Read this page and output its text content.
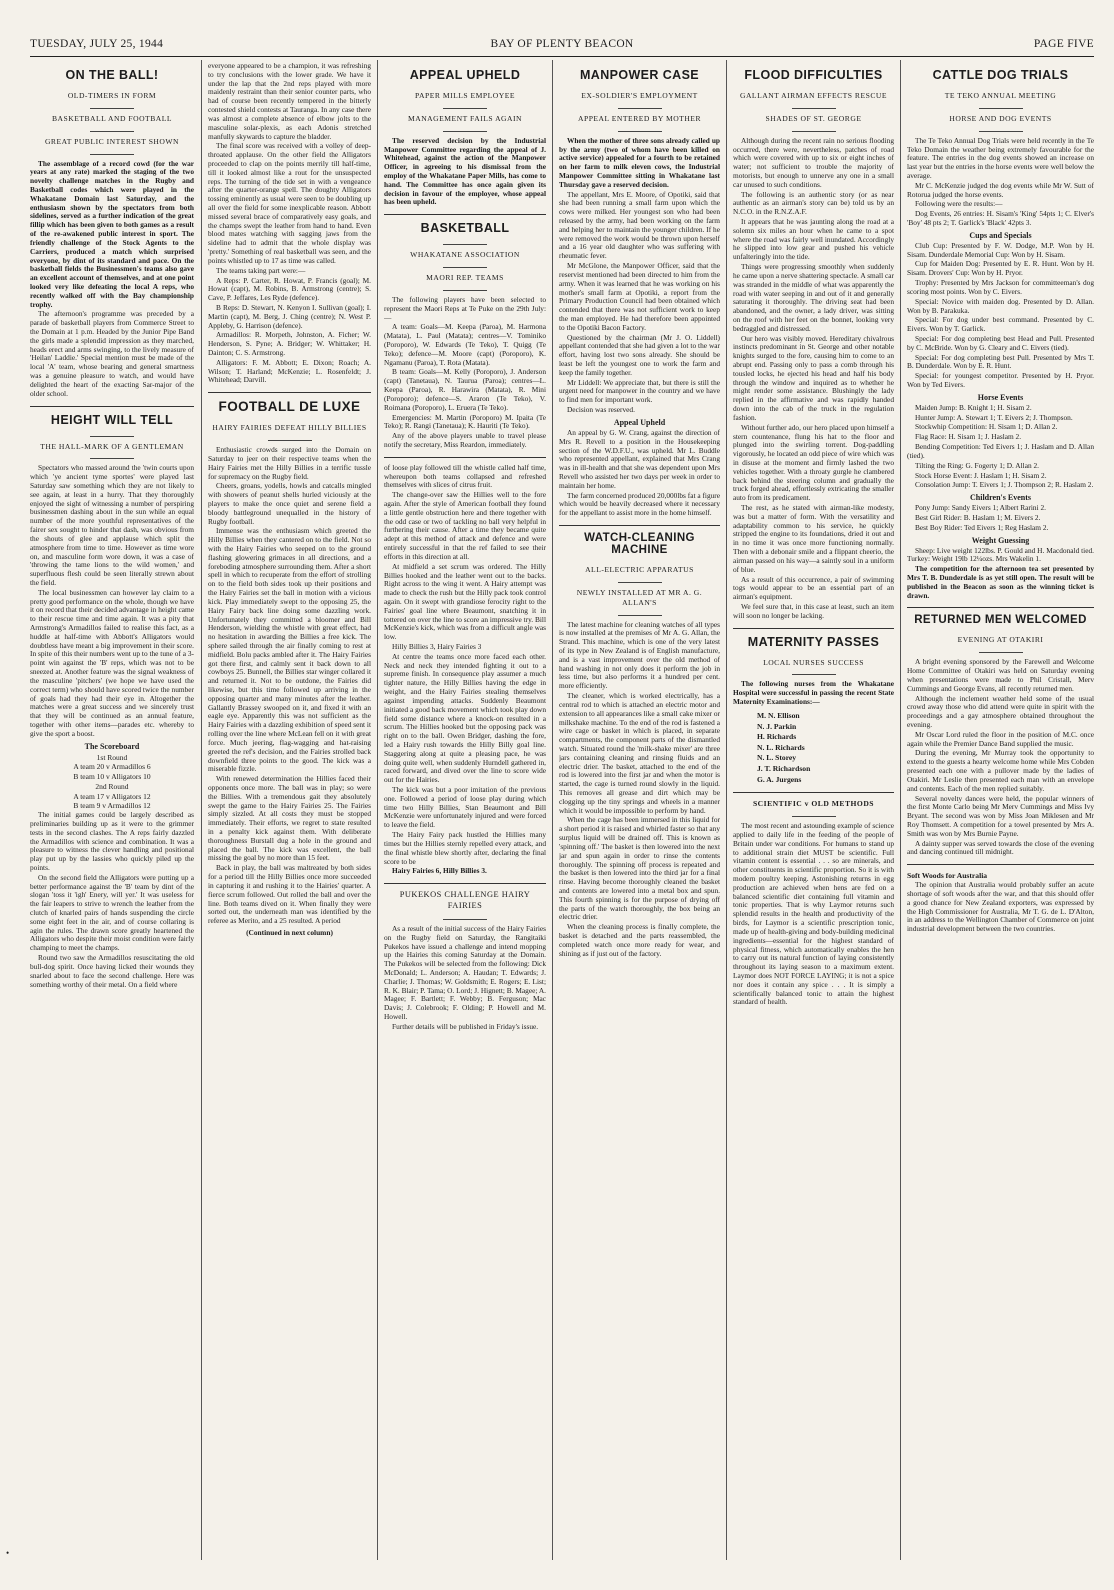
TUESDAY, JULY 25, 1944	BAY OF PLENTY BEACON	PAGE FIVE
ON THE BALL!
OLD-TIMERS IN FORM
BASKETBALL AND FOOTBALL
GREAT PUBLIC INTEREST SHOWN

The assemblage of a record cowd (for the war years at any rate) marked the staging of the two novelty challenge matches in the Rugby and Basketball codes which were played in the Whakatane Domain last Saturday, and the enthusiasm shown by the spectators from both sidelines, served as a further indication of the great fillip which has been given to both games as a result of the re-awakened public interest in sport. The friendly challenge of the Stock Agents to the Carriers, produced a match which surprised everyone, by dint of its standard and pace. On the basketball fields the Businessmen's teams also gave an excellent account of themselves, and at one point looked very like defeating the local A reps, who recently walked off with the Bay championship trophy.

The afternoon's programme was preceded by a parade of basketball players from Commerce Street to the Domain at 1 p.m. Headed by the Junior Pipe Band the girls made a splendid impression as they marched, heads erect and arms swinging, to the lively measure of 'Heilan' Laddie.' Special mention must be made of the local 'A' team, whose bearing and general smartness was a genuine pleasure to watch, and would have delighted the heart of the exacting Sar-major of the older school.

HEIGHT WILL TELL
THE HALL-MARK OF A GENTLEMAN

Spectators who massed around the 'twin courts upon which 'ye ancient tyme sportes' were played last Saturday saw something which they are not likely to see again, at least in a hurry. That they thoroughly enjoyed the sight of witnessing a number of perspiring businessmen dashing about in the sun while an equal number of the more youthful representatives of the fairer sex sought to hinder that dash, was obvious from the shouts of glee and applause which split the atmosphere from time to time. However as time wore on, and masculine form wore down, it was a case of 'throwing the tame lions to the wild women,' and superfluous flesh could be seen literally strewn about the field.

The local businessmen can however lay claim to a pretty good performance on the whole, though we have it on record that their decided advantage in height came to their rescue time and time again. It was a pity that Armstrong's Armadillos failed to realise this fact, as a huddle at half-time with Abbott's Alligators would doubtless have meant a big improvement in their score. In spite of this their numbers went up to the tune of a 3-point win against the 'B' reps, which was not to be sneezed at. Another feature was the signal weakness of the masculine 'pitchers' (we hope we have used the correct term) who should have scored twice the number of goals had they had their eye in. Altogether the matches were a great success and we sincerely trust that they will be continued as an annual feature, together with other items—parades etc. whereby to give the sport a boost.

The Scoreboard
1st Round
A team 20 v Armadillos 6
B team 10 v Alligators 10
2nd Round
A team 17 v Alligators 12
B team 9 v Armadillos 12

The initial games could be largely described as preliminaries building up as it were to the grimmer tests in the second clashes. The A reps fairly dazzled the Armadillos with science and combination. It was a pleasure to witness the clever handling and positional play put up by the lassies who quickly piled up the points.

On the second field the Alligators were putting up a better performance against the 'B' team by dint of the slogan 'toss it 'igh' Enery, will yer.' It was useless for the fair leapers to strive to wrench the leather from the clutch of knarled pairs of hands suspending the circle some eight feet in the air, and of course collaring is agin the rules. The drawn score greatly heartened the Alligators who despite their moist condition were fairly champing to meet the champs.

Round two saw the Armadillos resuscitating the old bull-dog spirit. Once having licked their wounds they snarled about to face the second challenge. Here was something worthy of their metal. On a field where

everyone appeared to be a champion, it was refreshing to try conclusions with the lower grade. We have it under the lap that the 2nd reps played with more maidenly restraint than their senior counter parts, who had of course been recently tempered in the bitterly contested shield contests at Tauranga. In any case there was almost a complete absence of elbow jolts to the masculine solar-plexis, as each Adonis stretched manfully skywards to capture the bladder.

The final score was received with a volley of deep-throated applause. On the other field the Alligators proceeded to clap on the points merrily till half-time, till it looked almost like a rout for the unsuspected reps. The turning of the tide set in with a vengeance after the quarter-orange spell. The doughty Alligators tossing eminently as usual were seen to be doubling up all over the field for some inexplicable reason. Abbott missed several brace of comparatively easy goals, and the champs swept the leather from hand to hand. Even blood mates watching with sagging jaws from the sideline had to admit that the whole display was 'pretty.' Something of real basketball was seen, and the points whistled up to 17 as time was called.

The teams taking part were:—

A Reps: P. Carter, R. Howat, P. Francis (goal); M. Howat (capt), M. Robins, B. Armstrong (centre); S. Cave, P. Jeffares, Les Ryde (defence).

B Reps: D. Stewart, N. Kenyon I. Sullivan (goal); I. Martin (capt), M. Berg, J. Ching (centre); N. West P. Appleby, G. Harrison (defence).

Armadillos: R. Morpeth, Johnston, A. Ficher; W. Henderson, S. Pyne; A. Bridger; W. Whittaker; H. Dainton; C. S. Armstrong.

Alligators: F. M. Abbott; E. Dixon; Roach; A. Wilson; T. Harland; McKenzie; L. Rosenfeldt; J. Whitehead; Darvill.

FOOTBALL DE LUXE
HAIRY FAIRIES DEFEAT HILLY BILLIES

Enthusiastic crowds surged into the Domain on Saturday to jeer on their respective teams when the Hairy Fairies met the Hilly Billies in a terrific tussle for supremacy on the Rugby field.

Cheers, groans, yodells, howls and catcalls mingled with showers of peanut shells hurled viciously at the players to make the once quiet and serene field a bloody battleground unequalled in the history of Rugby football.

Immense was the enthusiasm which greeted the Hilly Billies when they cantered on to the field. Not so with the Hairy Fairies who seeped on to the ground flashing glowering grimaces in all directions, and a foreboding atmosphere surrounding them. After a short spell in which to recuperate from the effort of strolling on to the field both sides took up their positions and the Hairy Fairies set the ball in motion with a vicious kick. Play immediately swept to the opposing 25, the Hairy Fairy back line doing some dazzling work. Unfortunately they committed a bloomer and Bill Henderson, wielding the whistle with great effect, had no hesitation in awarding the Billies a free kick. The sphere sailed through the air finally coming to rest at midfield. Bolu packs ambled after it. The Hairy Fairies got there first, and calmly sent it back down to all cowboys 25. Bunnell, the Billies star winger collared it and returned it. Not to be outdone, the Fairies did likewise, but this time followed up arriving in the opposing quarter and many minutes after the leather. Gallantly Brassey swooped on it, and fixed it with an eagle eye. Apparently this was not sufficient as the Hairy Fairies with a dazzling exhibition of speed sent it rolling over the line where McLean fell on it with great force. Much jeering, flag-wagging and hat-raising greeted the ref's decision, and the Fairies strolled back downfield three points to the good. The kick was a miserable fizzle.

With renewed determination the Hillies faced their opponents once more. The ball was in play; so were the Billies. With a tremendous gait they absolutely swept the game to the Hairy Fairies 25. The Fairies simply sizzled. At all costs they must be stopped immediately. Their efforts, we regret to state resulted in a penalty kick against them. With deliberate thoroughness Burstall dug a hole in the ground and placed the ball. The kick was excellent, the ball missing the goal by no more than 15 feet.

Back in play, the ball was maltreated by both sides for a period till the Hilly Billies once more succeeded in capturing it and rushing it to the Hairies' quarter. A fierce scrum followed. Out rolled the ball and over the line. Both teams dived on it. When finally they were sorted out, the underneath man was identified by the referee as Merito, and a 25 resulted. A period

(Continued in next column)
APPEAL UPHELD
PAPER MILLS EMPLOYEE
MANAGEMENT FAILS AGAIN

The reserved decision by the Industrial Manpower Committee regarding the appeal of J. Whitehead, against the action of the Manpower Officer, in agreeing to his dismissal from the employ of the Whakatane Paper Mills, has come to hand. The Committee has once again given its decision in favour of the employee, whose appeal has been upheld.

BASKETBALL
WHAKATANE ASSOCIATION
MAORI REP. TEAMS

The following players have been selected to represent the Maori Reps at Te Puke on the 29th July:—

A team: Goals—M. Keepa (Paroa), M. Harmona (Matata), L. Paul (Matata); centres—V. Tominiko (Poroporo), W. Edwards (Te Teko), T. Quigg (Te Teko); defence—M. Moore (capt) (Poroporo), K. Ngamanu (Paroa), T. Rota (Matata).

B team: Goals—M. Kelly (Poroporo), J. Anderson (capt) (Tanetaua), N. Taurua (Paroa); centres—L. Keepa (Paroa), R. Harawira (Matata), R. Mini (Poroporo); defence—S. Araron (Te Teko), V. Roimana (Poroporo), L. Eruera (Te Teko).

Emergencies: M. Martin (Poroporo) M. Ipaita (Te Teko); R. Rangi (Tanetaua); K. Hauriti (Te Teko).

Any of the above players unable to travel please notify the secretary, Miss Reardon, immediately.

of loose play followed till the whistle called half time, whereupon both teams collapsed and refreshed themselves with slices of citrus fruit.

The change-over saw the Hillies well to the fore again. After the style of American football they found a little gentle obstruction here and there together with the odd case or two of tackling no ball very helpful in furthering their cause. After a time they became quite adept at this method of attack and defence and were entirely successful in that the ref failed to see their efforts in this direction at all.

At midfield a set scrum was ordered. The Hilly Billies hooked and the leather went out to the backs. Right across to the wing it went. A Hairy attempt was made to check the rush but the Hilly pack took control again. On it swept with grandiose ferocity right to the Fairies' goal line where Beaumont, snatching it in tottered on over the line to score an impressive try. Bill McKenzie's kick, which was from a difficult angle was low.

Hilly Billies 3, Hairy Fairies 3

At centre the teams once more faced each other. Neck and neck they intended fighting it out to a supreme finish. In consequence play assumer a much tighter nature, the Hilly Billies having the edge in weight, and the Hairy Fairies stealing themselves against impending attacks. Suddenly Beaumont initiated a good back movement which took play down field some distance where a knock-on resulted in a scrum. The Hillies hooked but the opposing pack was right on to the ball. Owen Bridger, dashing the fore, led a Hairy rush towards the Hilly Billy goal line. Staggering along at quite a pleasing pace, he was doing quite well, when suddenly Hurndell gathered in, raced forward, and dived over the line to score wide out for the Hairies.

The kick was but a poor imitation of the previous one. Followed a period of loose play during which time two Hilly Billies, Stan Beaumont and Bill McKenzie were unfortunately injured and were forced to leave the field.

The Hairy Fairy pack hustled the Hillies many times but the Hillies sternly repelled every attack, and the final whistle blew shortly after, declaring the final score to be

Hairy Fairies 6, Hilly Billies 3.

PUKEKOS CHALLENGE HAIRY FAIRIES

As a result of the initial success of the Hairy Fairies on the Rugby field on Saturday, the Rangitaiki Pukekos have issued a challenge and intend mopping up the Hairies this coming Saturday at the Domain. The Pukekos will be selected from the following: Dick McDonald; L. Anderson; A. Haudan; T. Edwards; J. Charlie; J. Thomas; W. Goldsmith; E. Rogers; E. List; R. K. Blair; P. Tama; O. Lord; J. Hignett; B. Magee; A. Magee; F. Bartlett; F. Webby; B. Ferguson; Mac Davis; J. Colebrook; F. Olding; P. Howell and M. Howell.

Further details will be published in Friday's issue.

MANPOWER CASE
EX-SOLDIER'S EMPLOYMENT
APPEAL ENTERED BY MOTHER

When the mother of three sons already called up by the army (two of whom have been killed on active service) appealed for a fourth to be retained on her farm to milk eleven cows, the Industrial Manpower Committee sitting in Whakatane last Thursday gave a reserved decision.

The appellant, Mrs E. Moore, of Opotiki, said that she had been running a small farm upon which the cows were milked. Her youngest son who had been released by the army, had been working on the farm and helping her to maintain the younger children. If he were removed the work would be thrown upon herself and a 16 year old daughter who was suffering with rheumatic fever.

Mr McGlone, the Manpower Officer, said that the reservist mentioned had been directed to him from the army. When it was learned that he was working on his mother's small farm at Opotiki, a report from the Primary Production Council had been obtained which contended that there was not sufficient work to keep the man employed. He had therefore been appointed to the Opotiki Bacon Factory.

Questioned by the chairman (Mr J. O. Liddell) appellant contended that she had given a lot to the war effort, having lost two sons already. She should be least be left the youngest one to work the farm and keep the family together.

Mr Liddell: We appreciate that, but there is still the urgent need for manpower in the country and we have to find men for important work.

Decision was reserved.

Appeal Upheld

An appeal by G. W. Crang, against the direction of Mrs R. Revell to a position in the Housekeeping section of the W.D.F.U., was upheld. Mr L. Buddle who represented appellant, explained that Mrs Crang was in ill-health and that she was dependent upon Mrs Revell who assisted her two days per week in order to maintain her home.

The farm concerned produced 20,000lbs fat a figure which would be heavily decreased where it necessary for the appellant to assist more in the home himself.

WATCH-CLEANING MACHINE
ALL-ELECTRIC APPARATUS
NEWLY INSTALLED AT MR A. G. ALLAN'S

The latest machine for cleaning watches of all types is now installed at the premises of Mr A. G. Allan, the Strand. This machine, which is one of the very latest of its type in New Zealand is of English manufacture, and is a vast improvement over the old method of hand washing in not only does it perform the job in less time, but also performs it a hundred per cent. more efficiently.

The cleaner, which is worked electrically, has a central rod to which is attached an electric motor and extension to all appearances like a small cake mixer or milkshake machine. To the end of the rod is fastened a wire cage or basket in which is placed, in separate compartments, the component parts of the dismantled watch. Situated round the 'milk-shake mixer' are three jars containing cleaning and rinsing fluids and an electric drier. The basket, attached to the end of the rod is lowered into the first jar and when the motor is started, the cage is turned round slowly in the liquid. This removes all grease and dirt which may be clogging up the tiny springs and wheels in a manner which it would be impossible to perform by hand.

When the cage has been immersed in this liquid for a short period it is raised and whirled faster so that any surplus liquid will be drained off. This is known as 'spinning off.' The basket is then lowered into the next jar and spun again in order to rinse the contents thoroughly. The spinning off process is repeated and the basket is then lowered into the third jar for a final rinse. Having become thoroughly cleaned the basket and contents are lowered into a metal box and spun. This fourth spinning is for the purpose of drying off the parts of the watch thoroughly, the box being an electric drier.

When the cleaning process is finally complete, the basket is detached and the parts reassembled, the completed watch once more ready for wear, and shining as if just out of the factory.

FLOOD DIFFICULTIES
GALLANT AIRMAN EFFECTS RESCUE
SHADES OF ST. GEORGE

Although during the recent rain no serious flooding occurred, there were, nevertheless, patches of road which were covered with up to six or eight inches of water; not sufficient to trouble the majority of motorists, but enough to unnerve any one in a small car unused to such conditions.

The following is an authentic story (or as near authentic as an airman's story can be) told us by an N.C.O. in the R.N.Z.A.F.

It appears that he was jaunting along the road at a solemn six miles an hour when he came to a spot where the road was fairly well inundated. Accordingly he slipped into low gear and pushed his vehicle unfalteringly into the tide.

Things were progressing smoothly when suddenly he came upon a nerve shattering spectacle. A small car was stranded in the middle of what was apparently the road with water seeping in and out of it and generally saturating it thoroughly. The driving seat had been abandoned, and the owner, a lady driver, was sitting on the roof with her feet on the bonnet, looking very bedraggled and distressed.

Our hero was visibly moved. Hereditary chivalrous instincts predominant in St. George and other notable knights surged to the fore, causing him to come to an abrupt end. Passing only to pass a comb through his tousled locks, he ejected his head and half his body through the window and inquired as to whether he might render some assistance. Blushingly the lady replied in the affirmative and was rapidly handed down into the cab of the truck in the regulation fashion.

Without further ado, our hero placed upon himself a stern countenance, flung his hat to the floor and plunged into the swirling torrent. Dog-paddling vigorously, he located an odd piece of wire which was in disuse at the moment and firmly lashed the two vehicles together. With a throaty gurgle he clambered back behind the steering column and gradually the truck forged ahead, effortlessly extricating the smaller auto from its predicament.

The rest, as he stated with airman-like modesty, was but a matter of form. With the versatility and adaptability common to his service, he quickly stripped the engine to its foundations, dried it out and in no time it was once more functioning normally. Then with a debonair smile and a flippant cheerio, the airman passed on his way—a saintly soul in a uniform of blue.

As a result of this occurrence, a pair of swimming togs would appear to be an essential part of an airman's equipment.

We feel sure that, in this case at least, such an item will soon no longer be lacking.

MATERNITY PASSES
LOCAL NURSES SUCCESS

The following nurses from the Whakatane Hospital were successful in passing the recent State Maternity Examinations:—

M. N. Ellison
N. J. Parkin
H. Richards
N. L. Richards
N. L. Storey
J. T. Richardson
G. A. Jurgens
SCIENTIFIC v OLD METHODS

The most recent and astounding example of science applied to daily life in the feeding of the people of Britain under war conditions. For humans to stand up to additional strain diet MUST be scientific. Full vitamin content is essential . . . so are minerals, and other constituents in scientific proportion. So it is with modern poultry keeping. Astonishing returns in egg production are achieved when hens are fed on a balanced scientific diet containing full vitamin and tonic properties. That is why Laymor returns such splendid results in the health and productivity of the birds, for Laymor is a scientific prescription tonic, made up of health-giving and body-building medicinal ingredients—essential for the highest standard of physical fitness, which automatically enables the hen to carry out its natural function of laying consistently throughout its laying season to a maximum extent. Laymor does NOT FORCE LAYING; it is not a spice nor does it contain any spice . . . It is simply a scientifically balanced tonic to attain the highest standard of health.

CATTLE DOG TRIALS
TE TEKO ANNUAL MEETING
HORSE AND DOG EVENTS

The Te Teko Annual Dog Trials were held recently in the Te Teko Domain the weather being extremely favourable for the feature. The entries in the dog events showed an increase on last year but the entries in the horse events were well below the average.

Mr C. McKenzie judged the dog events while Mr W. Sutt of Rotorua judged the horse events.

Following were the results:—

Dog Events, 26 entries: H. Sisam's 'King' 54pts 1; C. Elver's 'Boy' 48 pts 2; T. Garlick's 'Black' 42pts 3.

Cups and Specials

Club Cup: Presented by F. W. Dodge, M.P. Won by H. Sisam. Dunderdale Memorial Cup: Won by H. Sisam.

Cup for Maiden Dog: Presented by E. R. Hunt. Won by H. Sisam. Drovers' Cup: Won by H. Pryor.

Trophy: Presented by Mrs Jackson for committeeman's dog scoring most points. Won by C. Eivers.

Special: Novice with maiden dog. Presented by D. Allan. Won by B. Parakuka.

Special: For dog under best command. Presented by C. Eivers. Won by T. Garlick.

Special: For dog completing best Head and Pull. Presented by C. McBride. Won by G. Cleary and C. Eivers (tied).

Special: For dog completing best Pull. Presented by Mrs T. B. Dunderdale. Won by E. R. Hunt.

Special: for youngest competitor. Presented by H. Pryor. Won by Ted Eivers.

Horse Events

Maiden Jump: B. Knight 1; H. Sisam 2.

Hunter Jump: A. Stewart 1; T. Eivers 2; J. Thompson.

Stockwhip Competition: H. Sisam 1; D. Allan 2.

Flag Race: H. Sisam 1; J. Haslam 2.

Bending Competition: Ted Eivers 1; J. Haslam and D. Allan (tied).

Tilting the Ring: G. Fogerty 1; D. Allan 2.

Stock Horse Event: J. Haslam 1; H. Sisam 2.

Consolation Jump: T. Eivers 1; J. Thompson 2; R. Haslam 2.

Children's Events

Pony Jump: Sandy Eivers 1; Albert Rarini 2.

Best Girl Rider: B. Haslam 1; M. Eivers 2.

Best Boy Rider: Ted Eivers 1; Reg Haslam 2.

Weight Guessing

Sheep: Live weight 122lbs. P. Gould and H. Macdonald tied. Turkey: Weight 19lb 12¼ozs. Mrs Wakelin 1.

The competition for the afternoon tea set presented by Mrs T. B. Dunderdale is as yet still open. The result will be published in the Beacon as soon as the winning ticket is drawn.

RETURNED MEN WELCOMED
EVENING AT OTAKIRI

A bright evening sponsored by the Farewell and Welcome Home Committee of Otakiri was held on Saturday evening when presentations were made to Phil Cristall, Merv Cummings and George Evans, all recently returned men.

Although the inclement weather held some of the usual crowd away those who did attend were quite in spirit with the proceedings and a gay atmosphere obtained throughout the evening.

Mr Oscar Lord ruled the floor in the position of M.C. once again while the Premier Dance Band supplied the music.

During the evening, Mr Murray took the opportunity to extend to the guests a hearty welcome home while Mrs Cobden presented each one with a pullover made by the ladies of Otakiri. Mr Leslie then presented each man with an envelope and contents. Each of the men replied suitably.

Several novelty dances were held, the popular winners of the first Monte Carlo being Mr Merv Cummings and Miss Ivy Bryant. The second was won by Miss Joan Miklesen and Mr Roy Thomsett. A competition for a towel presented by Mrs A. Smith was won by Mrs Burnie Payne.

A dainty supper was served towards the close of the evening and dancing continued till midnight.

Soft Woods for Australia

The opinion that Australia would probably suffer an acute shortage of soft woods after the war, and that this should offer a good chance for New Zealand exporters, was expressed by the High Commissioner for Australia, Mr T. G. de L. D'Alton, in an address to the Wellington Chamber of Commerce on joint industrial development between the two countries.

•
